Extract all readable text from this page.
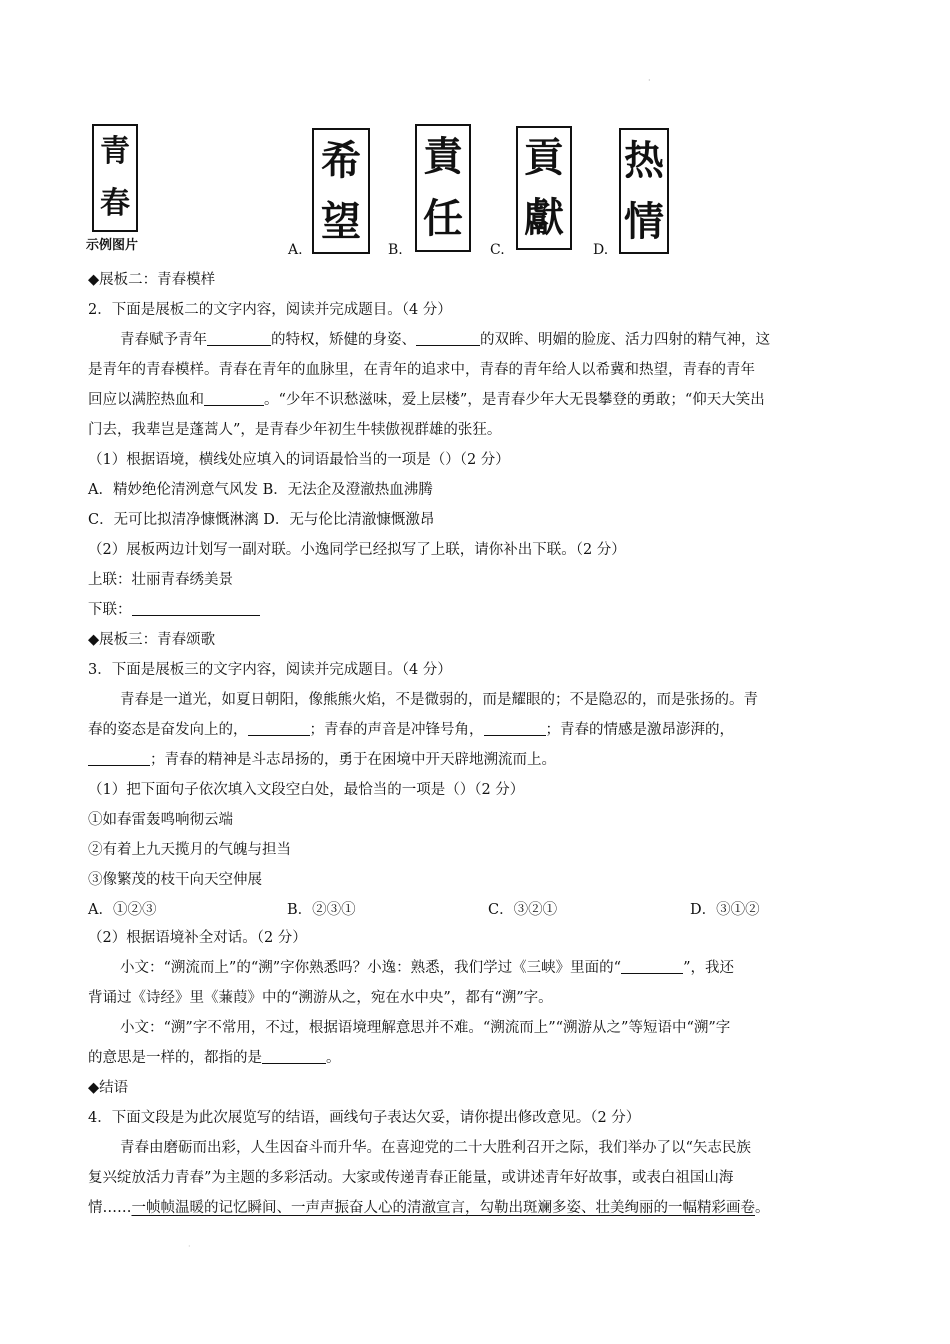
·
青
春
示例图片	A.
希
望
B.
責
任
C.
貢
獻
D.
热
情
◆展板二：青春模样
2．下面是展板二的文字内容，阅读并完成题目。（4 分）
青春赋予青年	的特权，矫健的身姿、	的双眸、明媚的脸庞、活力四射的精气神，这
是青年的青春模样。青春在青年的血脉里，在青年的追求中，青春的青年给人以希冀和热望，青春的青年
回应以满腔热血和	。“少年不识愁滋味，爱上层楼”，是青春少年大无畏攀登的勇敢；“仰天大笑出
门去，我辈岂是蓬蒿人”，是青春少年初生牛犊傲视群雄的张狂。
（1）根据语境，横线处应填入的词语最恰当的一项是（）（2 分）
A．精妙绝伦清洌意气风发 B．无法企及澄澈热血沸腾
C．无可比拟清净慷慨淋漓 D．无与伦比清澈慷慨激昂
（2）展板两边计划写一副对联。小逸同学已经拟写了上联，请你补出下联。（2 分）
上联：壮丽青春绣美景
下联：
◆展板三：青春颂歌
3．下面是展板三的文字内容，阅读并完成题目。（4 分）
青春是一道光，如夏日朝阳，像熊熊火焰，不是微弱的，而是耀眼的；不是隐忍的，而是张扬的。青
春的姿态是奋发向上的，	；青春的声音是冲锋号角，	；青春的情感是激昂澎湃的，
；青春的精神是斗志昂扬的，勇于在困境中开天辟地溯流而上。
（1）把下面句子依次填入文段空白处，最恰当的一项是（）（2 分）
①如春雷轰鸣响彻云端
②有着上九天揽月的气魄与担当
③像繁茂的枝干向天空伸展
A．①②③	B．②③①	C．③②①	D．③①②
（2）根据语境补全对话。（2 分）
小文：“溯流而上”的“溯”字你熟悉吗？小逸：熟悉，我们学过《三峡》里面的“	”，我还
背诵过《诗经》里《蒹葭》中的“溯游从之，宛在水中央”，都有“溯”字。
小文：“溯”字不常用，不过，根据语境理解意思并不难。“溯流而上”“溯游从之”等短语中“溯”字
的意思是一样的，都指的是	。
◆结语
4．下面文段是为此次展览写的结语，画线句子表达欠妥，请你提出修改意见。（2 分）
青春由磨砺而出彩，人生因奋斗而升华。在喜迎党的二十大胜利召开之际，我们举办了以“矢志民族
复兴绽放活力青春”为主题的多彩活动。大家或传递青春正能量，或讲述青年好故事，或表白祖国山海
情……一帧帧温暖的记忆瞬间、一声声振奋人心的清澈宣言，勾勒出斑斓多姿、壮美绚丽的一幅精彩画卷。
·
